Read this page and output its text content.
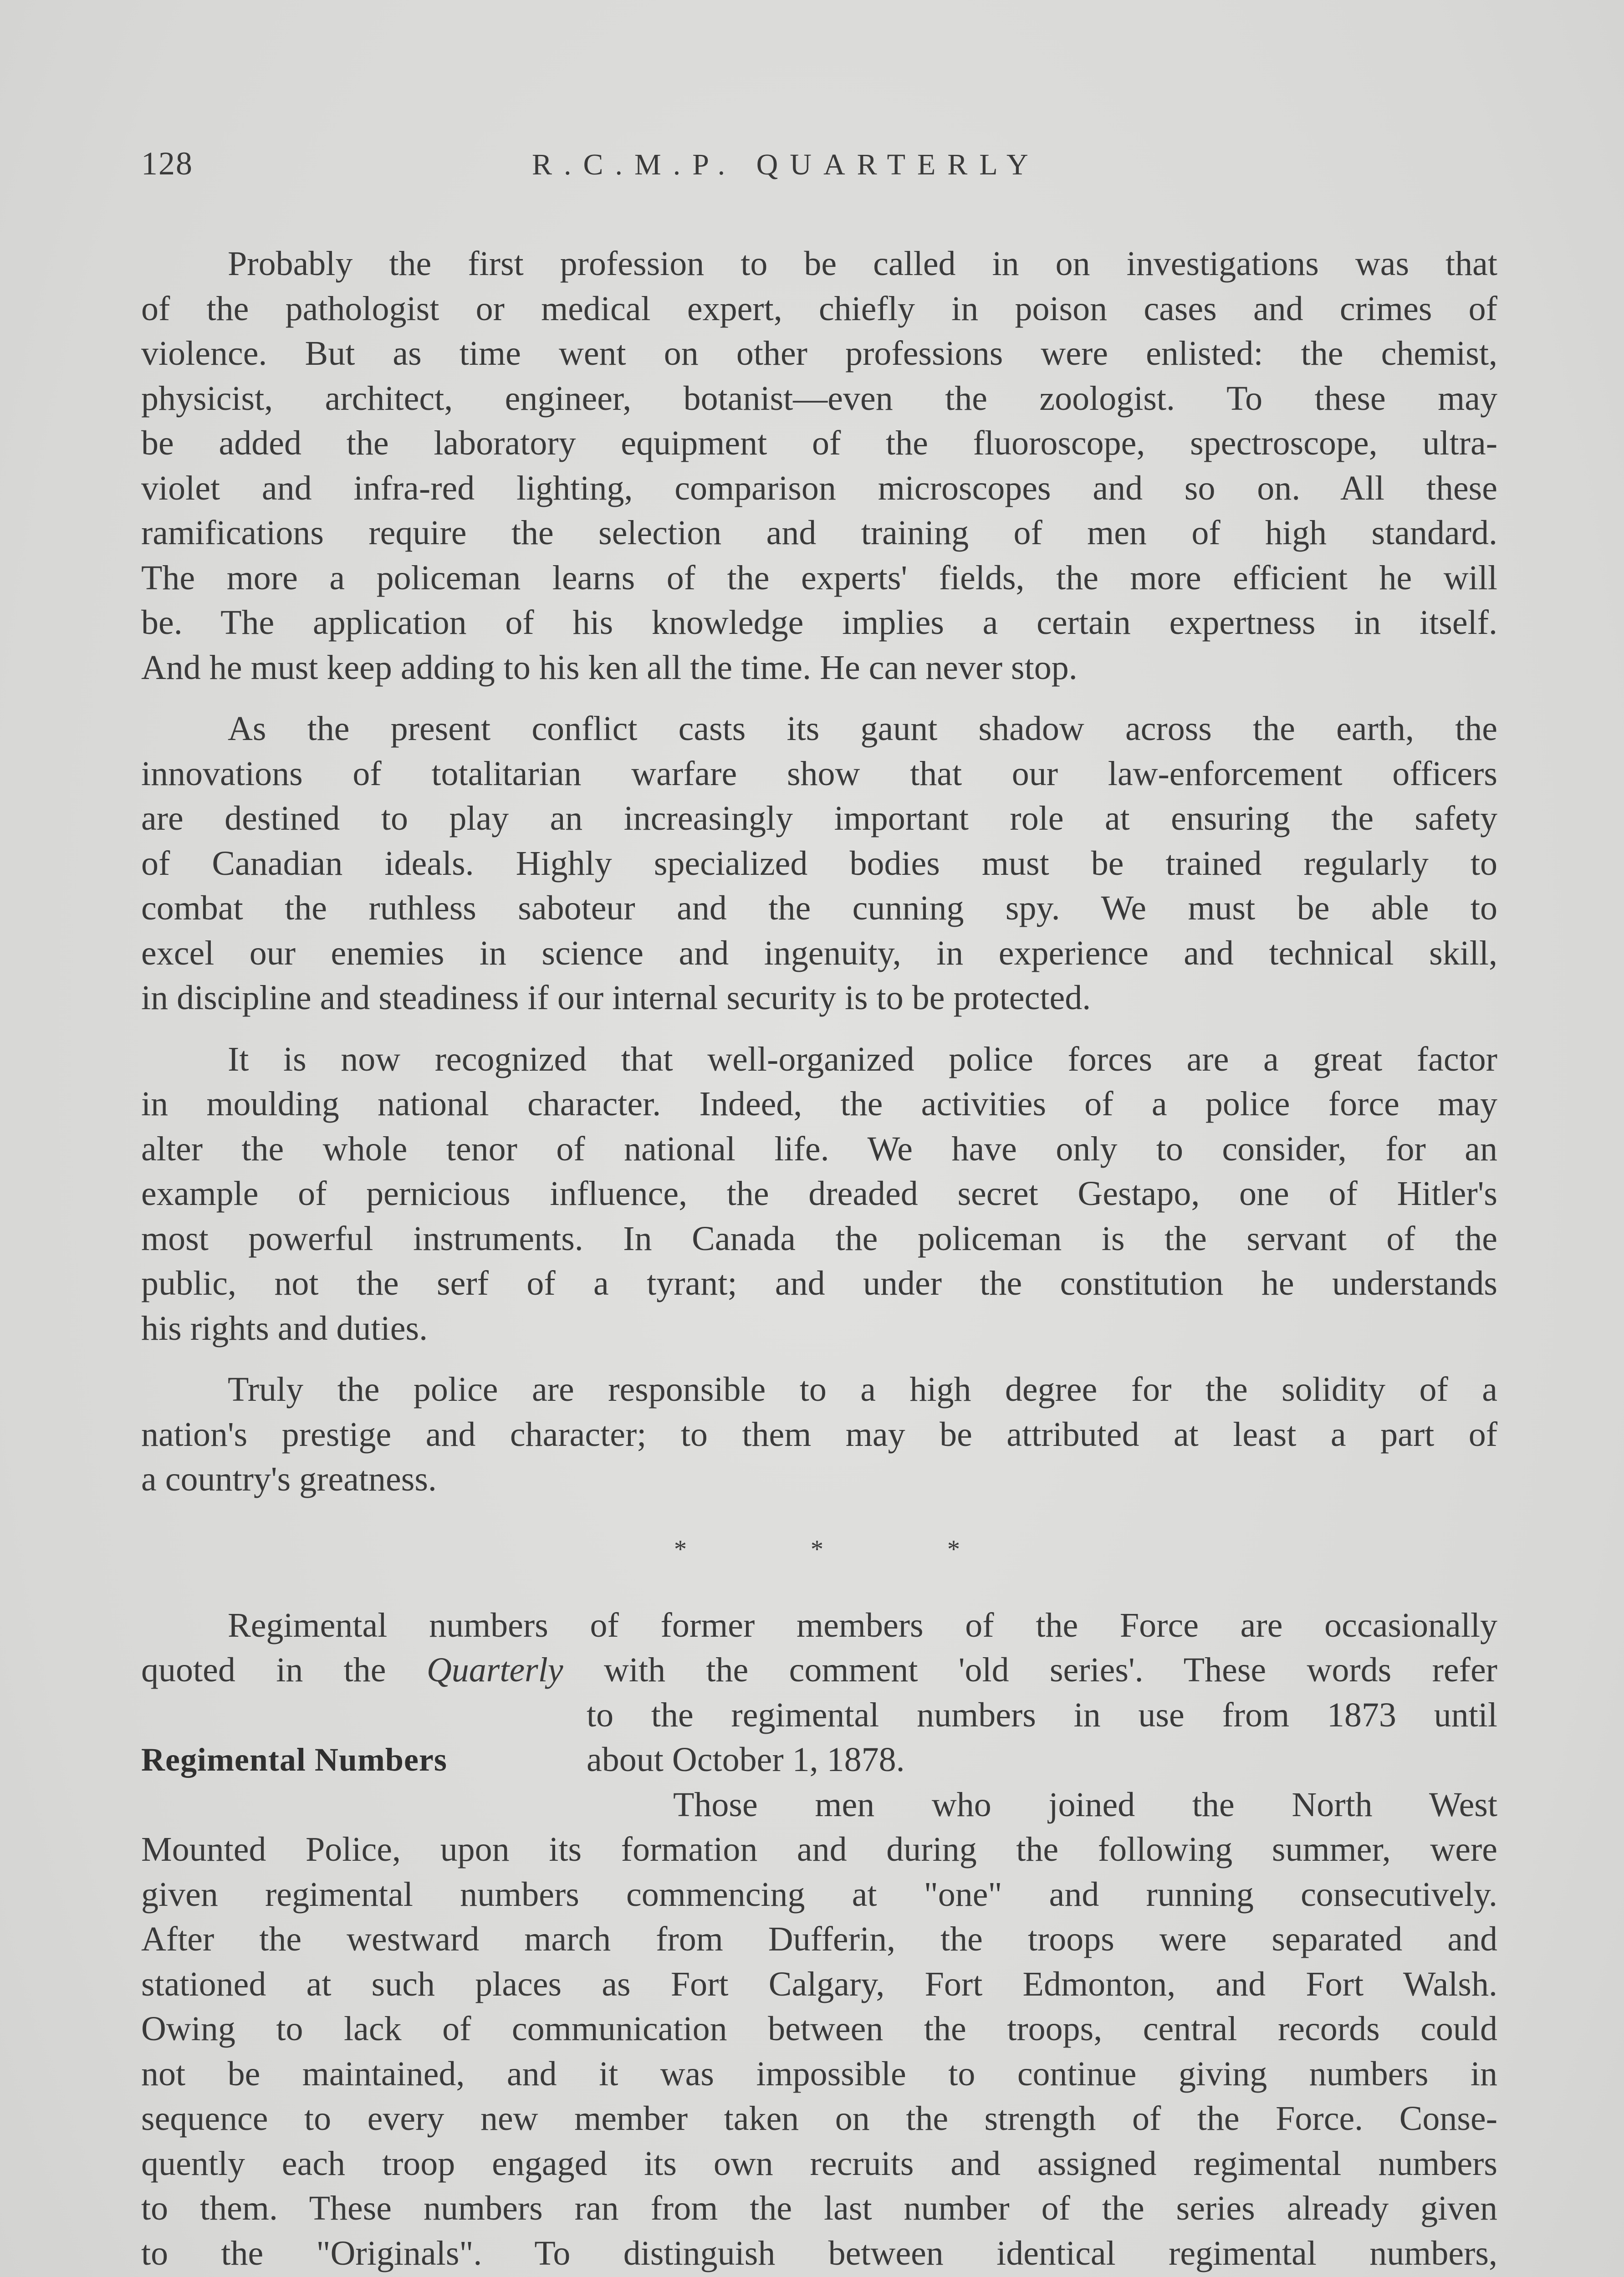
128	R.C.M.P. QUARTERLY

Probably the first profession to be called in on investigations was that

of the pathologist or medical expert, chiefly in poison cases and crimes of

violence. But as time went on other professions were enlisted: the chemist,

physicist, architect, engineer, botanist—even the zoologist. To these may

be added the laboratory equipment of the fluoroscope, spectroscope, ultra-

violet and infra-red lighting, comparison microscopes and so on. All these

ramifications require the selection and training of men of high standard.

The more a policeman learns of the experts' fields, the more efficient he will

be. The application of his knowledge implies a certain expertness in itself.

And he must keep adding to his ken all the time. He can never stop.

As the present conflict casts its gaunt shadow across the earth, the

innovations of totalitarian warfare show that our law-enforcement officers

are destined to play an increasingly important role at ensuring the safety

of Canadian ideals. Highly specialized bodies must be trained regularly to

combat the ruthless saboteur and the cunning spy. We must be able to

excel our enemies in science and ingenuity, in experience and technical skill,

in discipline and steadiness if our internal security is to be protected.

It is now recognized that well-organized police forces are a great factor

in moulding national character. Indeed, the activities of a police force may

alter the whole tenor of national life. We have only to consider, for an

example of pernicious influence, the dreaded secret Gestapo, one of Hitler's

most powerful instruments. In Canada the policeman is the servant of the

public, not the serf of a tyrant; and under the constitution he understands

his rights and duties.

Truly the police are responsible to a high degree for the solidity of a

nation's prestige and character; to them may be attributed at least a part of

a country's greatness.

*	*	*

Regimental numbers of former members of the Force are occasionally

quoted in the Quarterly with the comment 'old series'. These words refer

to the regimental numbers in use from 1873 until

about October 1, 1878.

Regimental Numbers

Those men who joined the North West

Mounted Police, upon its formation and during the following summer, were

given regimental numbers commencing at "one" and running consecutively.

After the westward march from Dufferin, the troops were separated and

stationed at such places as Fort Calgary, Fort Edmonton, and Fort Walsh.

Owing to lack of communication between the troops, central records could

not be maintained, and it was impossible to continue giving numbers in

sequence to every new member taken on the strength of the Force. Conse-

quently each troop engaged its own recruits and assigned regimental numbers

to them. These numbers ran from the last number of the series already given

to the "Originals". To distinguish between identical regimental numbers,
